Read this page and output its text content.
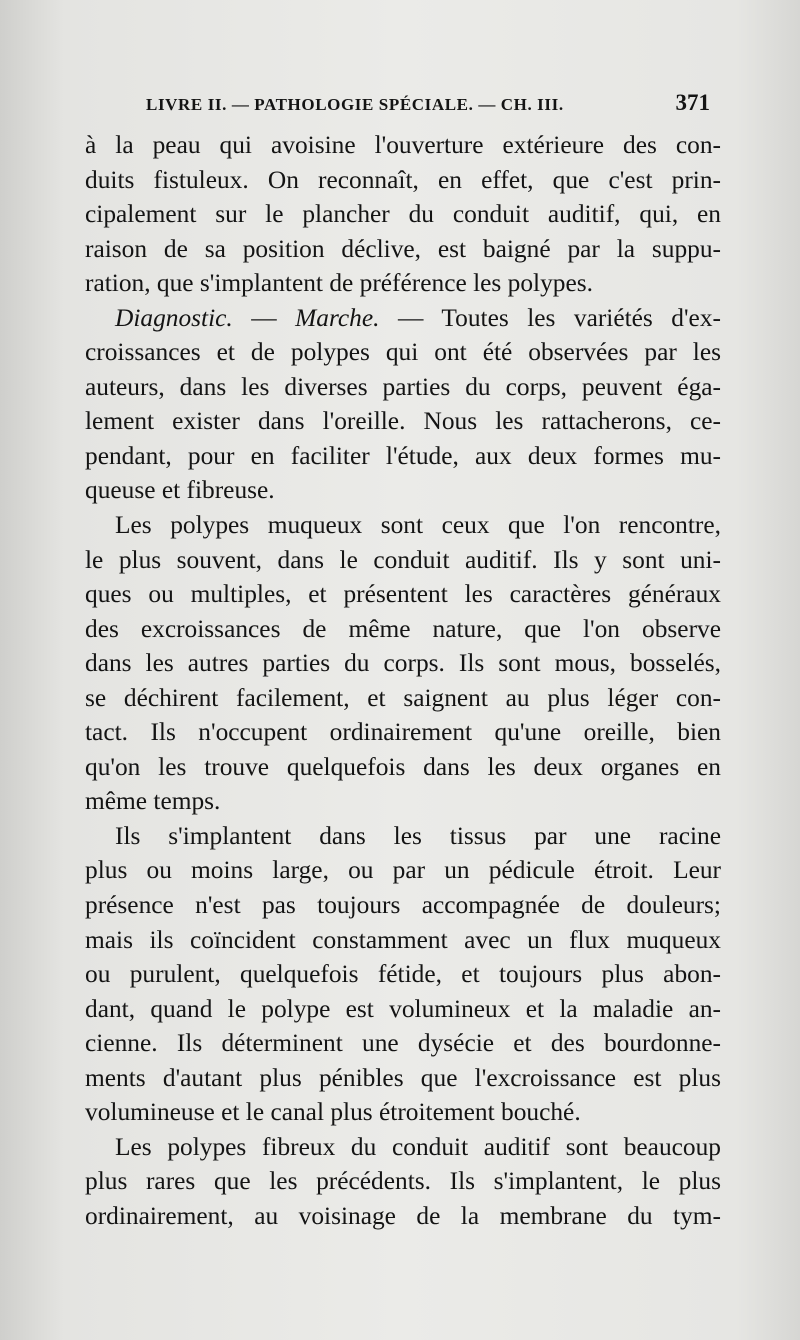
LIVRE II. — PATHOLOGIE SPÉCIALE. — CH. III.	371
à la peau qui avoisine l'ouverture extérieure des con-
duits fistuleux. On reconnaît, en effet, que c'est prin-
cipalement sur le plancher du conduit auditif, qui, en
raison de sa position déclive, est baigné par la suppu-
ration, que s'implantent de préférence les polypes.
Diagnostic. — Marche. — Toutes les variétés d'ex-
croissances et de polypes qui ont été observées par les
auteurs, dans les diverses parties du corps, peuvent éga-
lement exister dans l'oreille. Nous les rattacherons, ce-
pendant, pour en faciliter l'étude, aux deux formes mu-
queuse et fibreuse.
Les polypes muqueux sont ceux que l'on rencontre,
le plus souvent, dans le conduit auditif. Ils y sont uni-
ques ou multiples, et présentent les caractères généraux
des excroissances de même nature, que l'on observe
dans les autres parties du corps. Ils sont mous, bosselés,
se déchirent facilement, et saignent au plus léger con-
tact. Ils n'occupent ordinairement qu'une oreille, bien
qu'on les trouve quelquefois dans les deux organes en
même temps.
Ils s'implantent dans les tissus par une racine
plus ou moins large, ou par un pédicule étroit. Leur
présence n'est pas toujours accompagnée de douleurs;
mais ils coïncident constamment avec un flux muqueux
ou purulent, quelquefois fétide, et toujours plus abon-
dant, quand le polype est volumineux et la maladie an-
cienne. Ils déterminent une dysécie et des bourdonne-
ments d'autant plus pénibles que l'excroissance est plus
volumineuse et le canal plus étroitement bouché.
Les polypes fibreux du conduit auditif sont beaucoup
plus rares que les précédents. Ils s'implantent, le plus
ordinairement, au voisinage de la membrane du tym-
